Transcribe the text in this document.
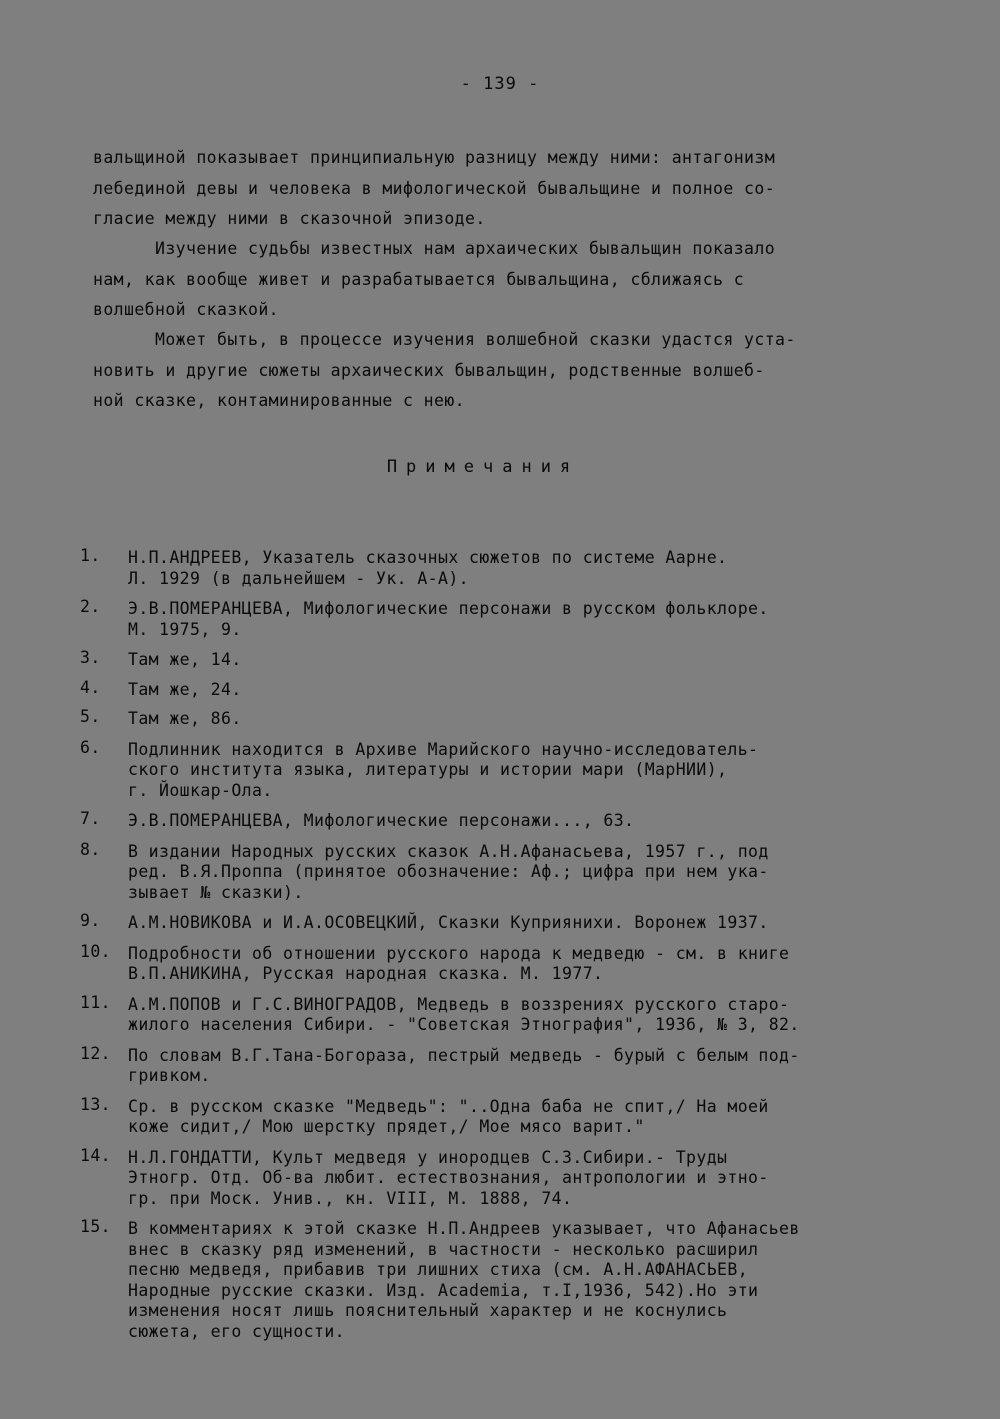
- 139 -

вальщиной показывает принципиальную разницу между ними: антагонизм
лебединой девы и человека в мифологической бывальщине и полное со-
гласие между ними в сказочной эпизоде.

Изучение судьбы известных нам архаических бывальщин показало
нам, как вообще живет и разрабатывается бывальщина, сближаясь с
волшебной сказкой.

Может быть, в процессе изучения волшебной сказки удастся уста-
новить и другие сюжеты архаических бывальщин, родственные волшеб-
ной сказке, контаминированные с нею.

Примечания
1.	Н.П.АНДРЕЕВ, Указатель сказочных сюжетов по системе Аарне.
Л. 1929 (в дальнейшем - Ук. А-А).
2.	Э.В.ПОМЕРАНЦЕВА, Мифологические персонажи в русском фольклоре.
М. 1975, 9.
3.	Там же, 14.
4.	Там же, 24.
5.	Там же, 86.
6.	Подлинник находится в Архиве Марийского научно-исследователь-
ского института языка, литературы и истории мари (МарНИИ),
г. Йошкар-Ола.
7.	Э.В.ПОМЕРАНЦЕВА, Мифологические персонажи..., 63.
8.	В издании Народных русских сказок А.Н.Афанасьева, 1957 г., под
ред. В.Я.Проппа (принятое обозначение: Аф.; цифра при нем ука-
зывает № сказки).
9.	А.М.НОВИКОВА и И.А.ОСОВЕЦКИЙ, Сказки Куприянихи. Воронеж 1937.
10.	Подробности об отношении русского народа к медведю - см. в книге
В.П.АНИКИНА, Русская народная сказка. М. 1977.
11.	А.М.ПОПОВ и Г.С.ВИНОГРАДОВ, Медведь в воззрениях русского старо-
жилого населения Сибири. - "Советская Этнография", 1936, № 3, 82.
12.	По словам В.Г.Тана-Богораза, пестрый медведь - бурый с белым под-
гривком.
13.	Ср. в русском сказке "Медведь": "..Одна баба не спит,/ На моей
коже сидит,/ Мою шерстку прядет,/ Мое мясо варит."
14.	Н.Л.ГОНДАТТИ, Культ медведя у инородцев С.З.Сибири.- Труды
Этногр. Отд. Об-ва любит. естествознания, антропологии и этно-
гр. при Моск. Унив., кн. VIII, М. 1888, 74.
15.	В комментариях к этой сказке Н.П.Андреев указывает, что Афанасьев
внес в сказку ряд изменений, в частности - несколько расширил
песню медведя, прибавив три лишних стиха (см. А.Н.АФАНАСЬЕВ,
Народные русские сказки. Изд. Academia, т.I,1936, 542).Но эти
изменения носят лишь пояснительный характер и не коснулись
сюжета, его сущности.
